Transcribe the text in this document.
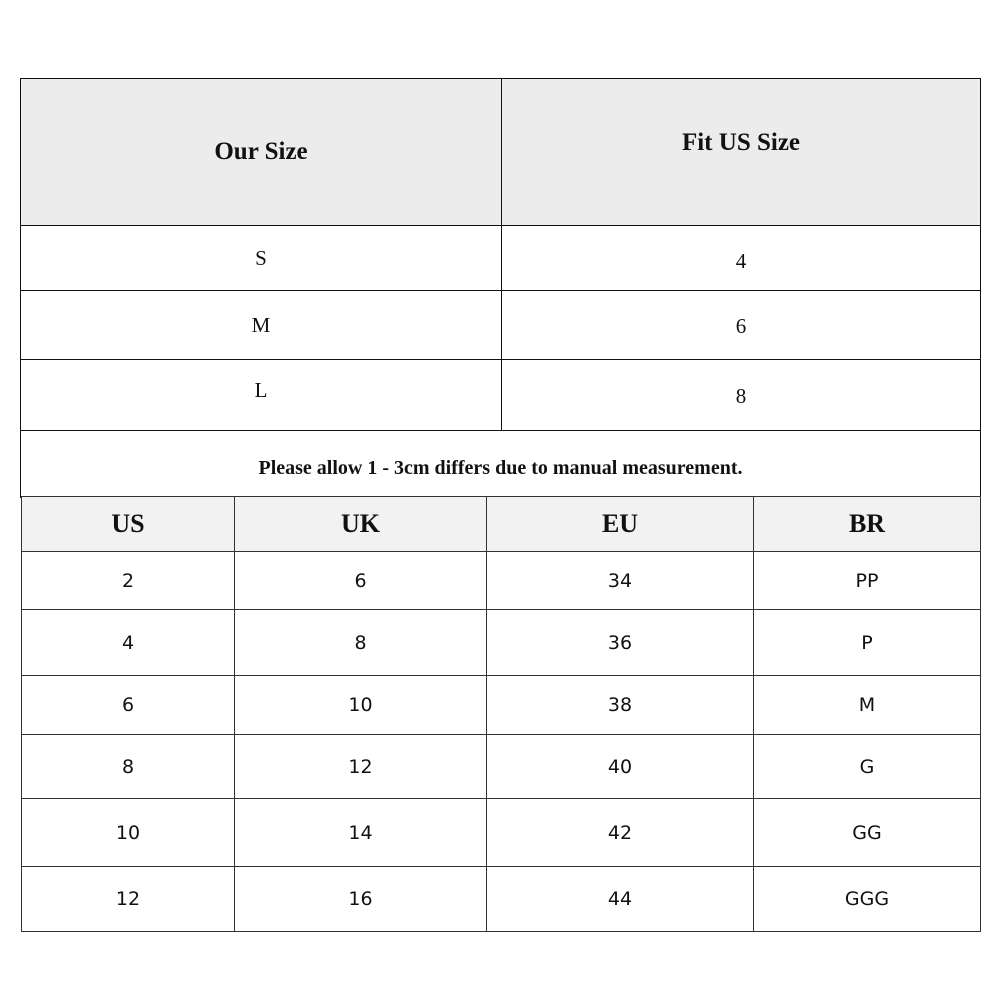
Our Size	Fit US Size
S	4
M	6
L	8
Please allow 1 - 3cm differs due to manual measurement.	
US	UK	EU	BR
2	6	34	PP
4	8	36	P
6	10	38	M
8	12	40	G
10	14	42	GG
12	16	44	GGG
